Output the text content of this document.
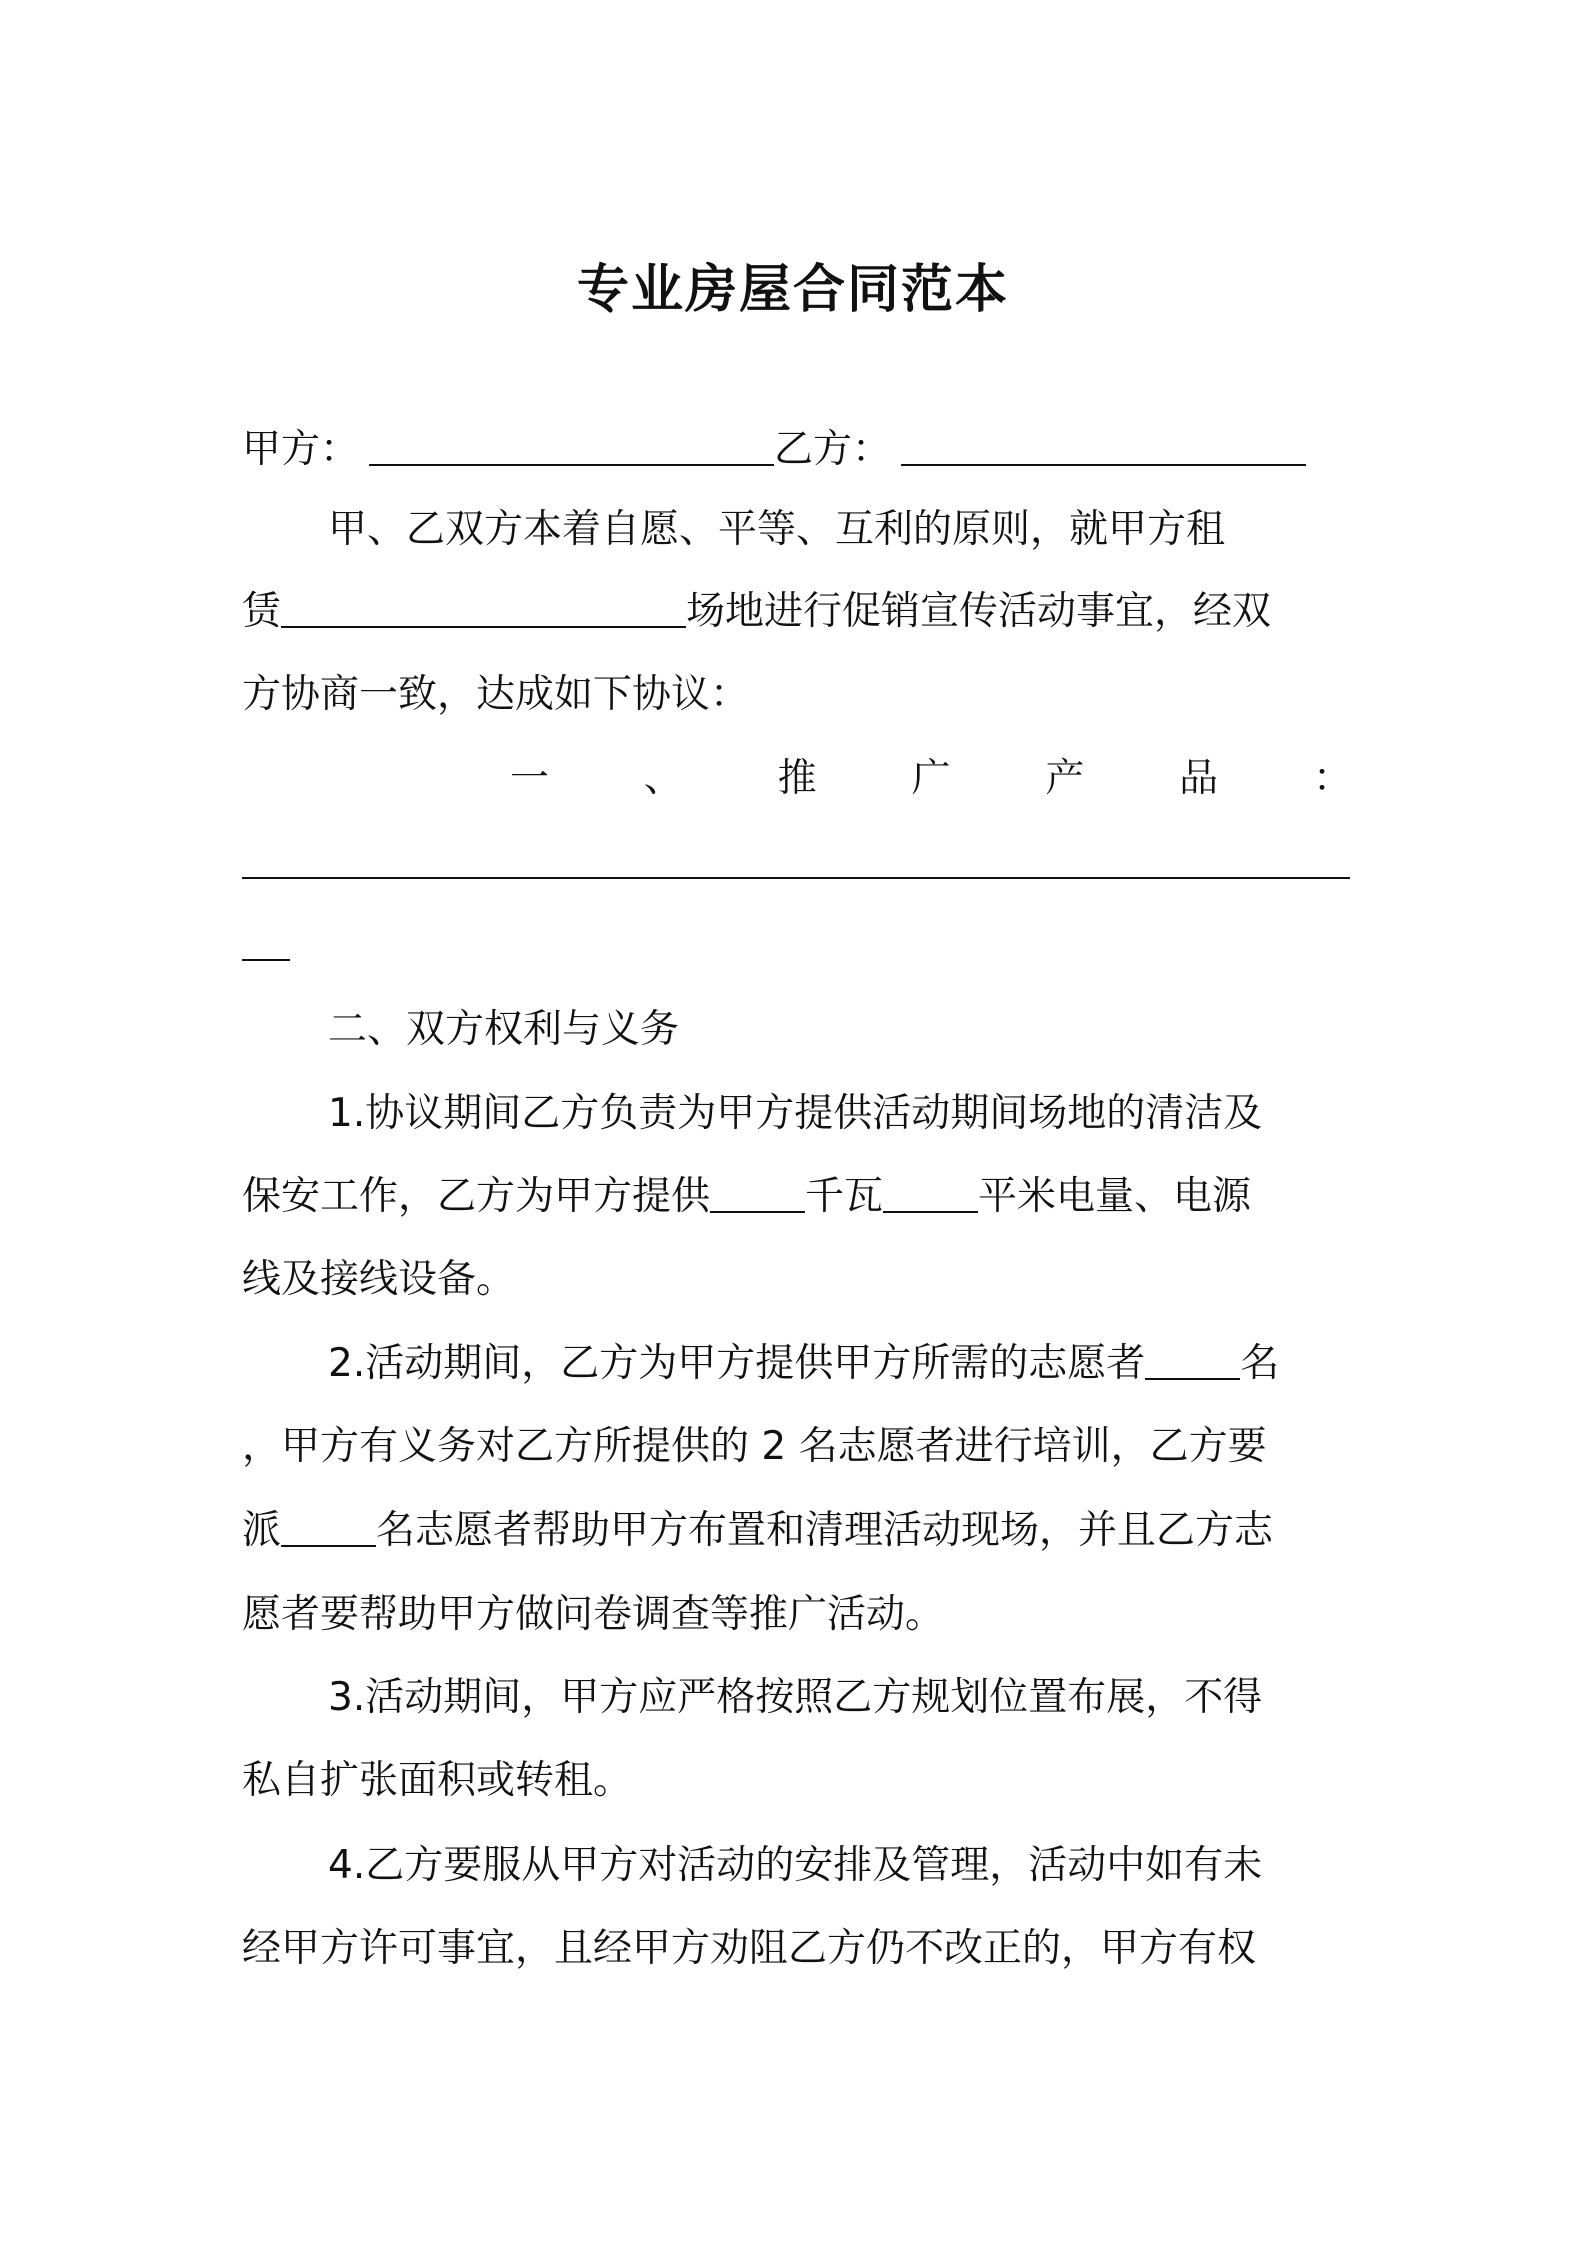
专业房屋合同范本
甲方：	乙方：
甲、乙双方本着自愿、平等、互利的原则，就甲方租
赁	场地进行促销宣传活动事宜，经双
方协商一致，达成如下协议：
一 、 推 广 产 品 ：
二、双方权利与义务
1.协议期间乙方负责为甲方提供活动期间场地的清洁及
保安工作，乙方为甲方提供 千瓦 平米电量、电源
线及接线设备。
2.活动期间，乙方为甲方提供甲方所需的志愿者 名
，甲方有义务对乙方所提供的 2 名志愿者进行培训，乙方要
派 名志愿者帮助甲方布置和清理活动现场，并且乙方志
愿者要帮助甲方做问卷调查等推广活动。
3.活动期间，甲方应严格按照乙方规划位置布展，不得
私自扩张面积或转租。
4.乙方要服从甲方对活动的安排及管理，活动中如有未
经甲方许可事宜，且经甲方劝阻乙方仍不改正的，甲方有权
